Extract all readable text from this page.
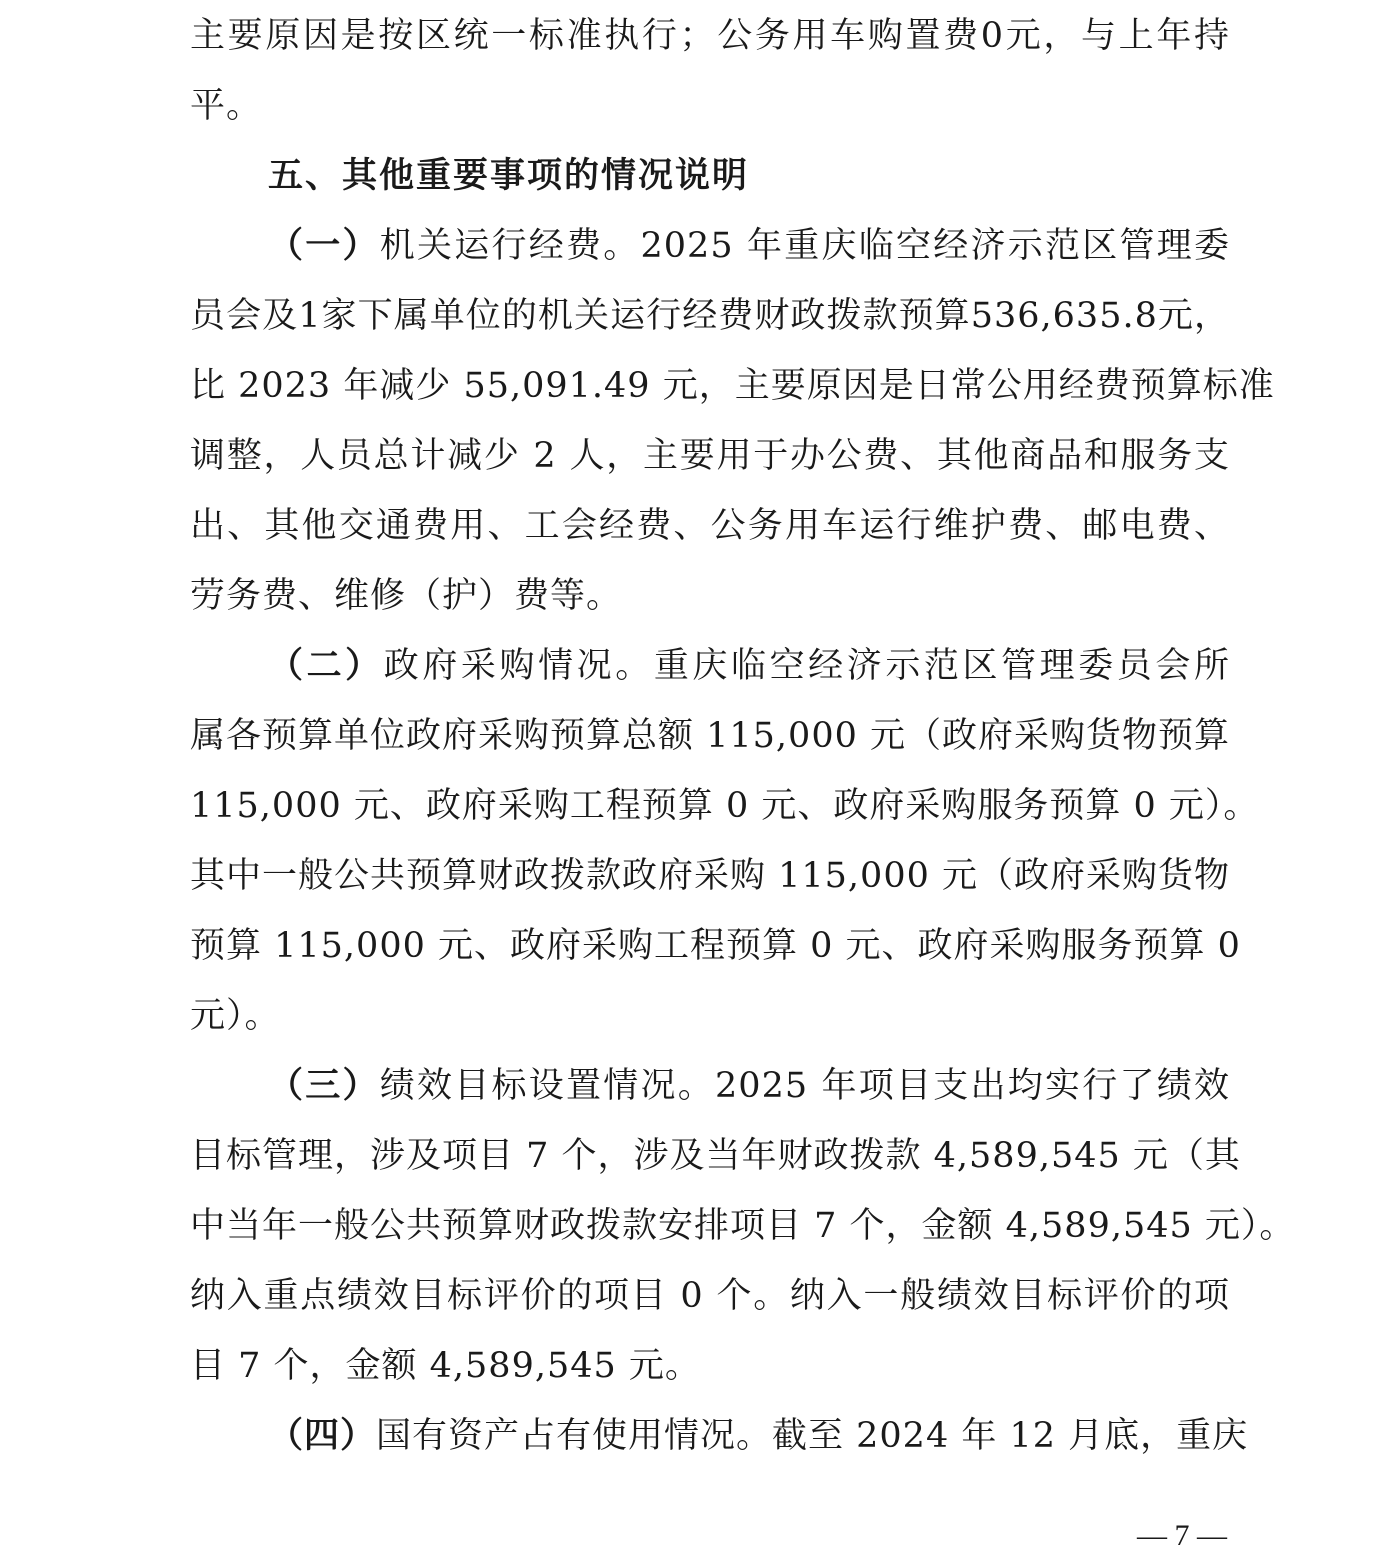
主要原因是按区统一标准执行；公务用车购置费0元，与上年持
平。
五、其他重要事项的情况说明
（一）机关运行经费。2025 年重庆临空经济示范区管理委
员会及1家下属单位的机关运行经费财政拨款预算536,635.8元，
比 2023 年减少 55,091.49 元，主要原因是日常公用经费预算标准
调整，人员总计减少 2 人，主要用于办公费、其他商品和服务支
出、其他交通费用、工会经费、公务用车运行维护费、邮电费、
劳务费、维修（护）费等。
（二）政府采购情况。重庆临空经济示范区管理委员会所
属各预算单位政府采购预算总额 115,000 元（政府采购货物预算
115,000 元、政府采购工程预算 0 元、政府采购服务预算 0 元）。
其中一般公共预算财政拨款政府采购 115,000 元（政府采购货物
预算 115,000 元、政府采购工程预算 0 元、政府采购服务预算 0
元）。
（三）绩效目标设置情况。2025 年项目支出均实行了绩效
目标管理，涉及项目 7 个，涉及当年财政拨款 4,589,545 元（其
中当年一般公共预算财政拨款安排项目 7 个，金额 4,589,545 元）。
纳入重点绩效目标评价的项目 0 个。纳入一般绩效目标评价的项
目 7 个，金额 4,589,545 元。
（四）国有资产占有使用情况。截至 2024 年 12 月底，重庆
— 7 —
